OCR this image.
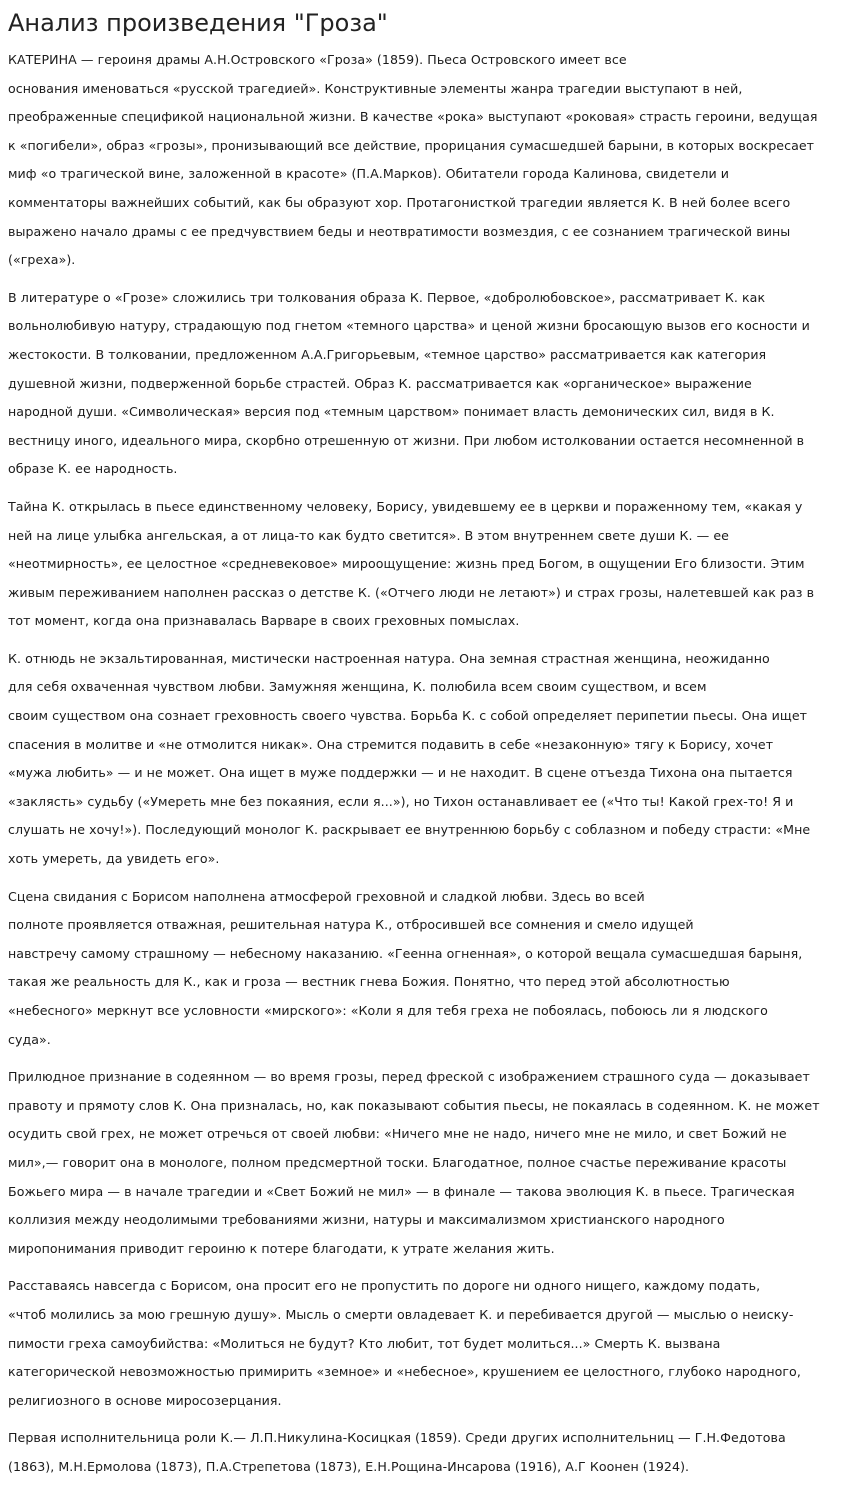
Анализ произведения "Гроза"

КАТЕРИНА — героиня драмы А.Н.Островского «Гроза» (1859). Пьеса Островского имеет все
основания именоваться «русской трагедией». Конструктивные элементы жанра трагедии выступают в ней,
преображенные спецификой национальной жизни. В качестве «рока» выступают «роковая» страсть героини, ведущая
к «погибели», образ «грозы», пронизывающий все действие, прорицания сумасшедшей барыни, в которых воскресает
миф «о трагической вине, заложенной в красоте» (П.А.Марков). Обитатели города Калинова, свидетели и
комментаторы важнейших событий, как бы образуют хор. Протагонисткой трагедии является К. В ней более всего
выражено начало драмы с ее предчувствием беды и неотвратимости возмездия, с ее сознанием трагической вины
(«греха»).

В литературе о «Грозе» сложились три толкования образа К. Первое, «добролюбовское», рассматривает К. как
вольнолюбивую натуру, страдающую под гнетом «темного царства» и ценой жизни бросающую вызов его косности и
жестокости. В толковании, предложенном А.А.Григорьевым, «темное царство» рассматривается как категория
душевной жизни, подверженной борьбе страстей. Образ К. рассматривается как «органическое» выражение
народной души. «Символическая» версия под «темным царством» понимает власть демонических сил, видя в К.
вестницу иного, идеального мира, скорбно отрешенную от жизни. При любом истолковании остается несомненной в
образе К. ее народность.

Тайна К. открылась в пьесе единственному человеку, Борису, увидевшему ее в церкви и пораженному тем, «какая у
ней на лице улыбка ангельская, а от лица-то как будто светится». В этом внутреннем свете души К. — ее
«неотмирность», ее целостное «средневековое» мироощущение: жизнь пред Богом, в ощущении Его близости. Этим
живым переживанием наполнен рассказ о детстве К. («Отчего люди не летают») и страх грозы, налетевшей как раз в
тот момент, когда она признавалась Варваре в своих греховных помыслах.

К. отнюдь не экзальтированная, мистически настроенная натура. Она земная страстная женщина, неожиданно
для себя охваченная чувством любви. Замужняя женщина, К. полюбила всем своим существом, и всем
своим существом она сознает греховность своего чувства. Борьба К. с собой определяет перипетии пьесы. Она ищет
спасения в молитве и «не отмолится никак». Она стремится подавить в себе «незаконную» тягу к Борису, хочет
«мужа любить» — и не может. Она ищет в муже поддержки — и не находит. В сцене отъезда Тихона она пытается
«заклясть» судьбу («Умереть мне без покаяния, если я...»), но Тихон останавливает ее («Что ты! Какой грех-то! Я и
слушать не хочу!»). Последующий монолог К. раскрывает ее внутреннюю борьбу с соблазном и победу страсти: «Мне
хоть умереть, да увидеть его».

Сцена свидания с Борисом наполнена атмосферой греховной и сладкой любви. Здесь во всей
полноте проявляется отважная, решительная натура К., отбросившей все сомнения и смело идущей
навстречу самому страшному — небесному наказанию. «Геенна огненная», о которой вещала сумасшедшая барыня,
такая же реальность для К., как и гроза — вестник гнева Божия. Понятно, что перед этой абсолютностью
«небесного» меркнут все условности «мирского»: «Коли я для тебя греха не побоялась, побоюсь ли я людского
суда».

Прилюдное признание в содеянном — во время грозы, перед фреской с изображением страшного суда — доказывает
правоту и прямоту слов К. Она призналась, но, как показывают события пьесы, не покаялась в содеянном. К. не может
осудить свой грех, не может отречься от своей любви: «Ничего мне не надо, ничего мне не мило, и свет Божий не
мил»,— говорит она в монологе, полном предсмертной тоски. Благодатное, полное счастье переживание красоты
Божьего мира — в начале трагедии и «Свет Божий не мил» — в финале — такова эволюция К. в пьесе. Трагическая
коллизия между неодолимыми требованиями жизни, натуры и максимализмом христианского народного
миропонимания приводит героиню к потере благодати, к утрате желания жить.

Расставаясь навсегда с Борисом, она просит его не пропустить по дороге ни одного нищего, каждому подать,
«чтоб молились за мою грешную душу». Мысль о смерти овладевает К. и перебивается другой — мыслью о неиску-
пимости греха самоубийства: «Молиться не будут? Кто любит, тот будет молиться...» Смерть К. вызвана
категорической невозможностью примирить «земное» и «небесное», крушением ее целостного, глубоко народного,
религиозного в основе миросозерцания.

Первая исполнительница роли К.— Л.П.Никулина-Косицкая (1859). Среди других исполнительниц — Г.Н.Федотова
(1863), М.Н.Ермолова (1873), П.А.Стрепетова (1873), Е.Н.Рощина-Инсарова (1916), А.Г Коонен (1924).
